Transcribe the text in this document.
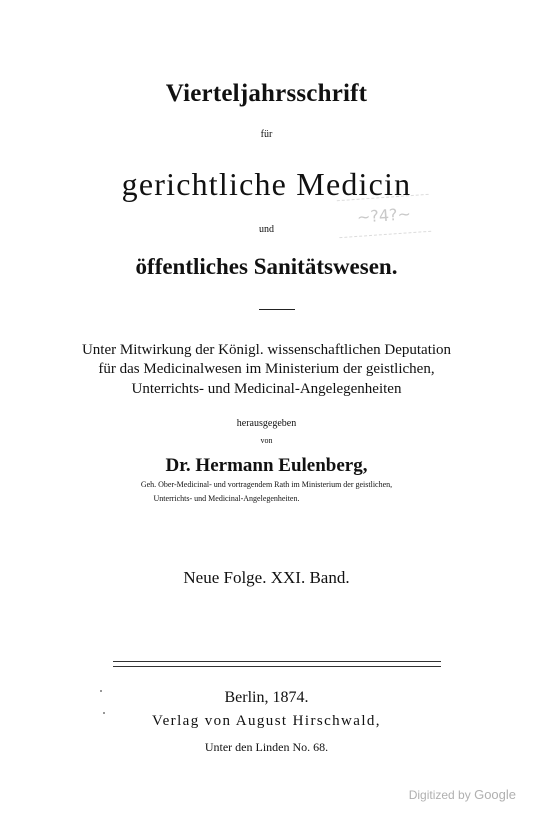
Vierteljahrsschrift
für
gerichtliche Medicin
und
öffentliches Sanitätswesen.
Unter Mitwirkung der Königl. wissenschaftlichen Deputation
für das Medicinalwesen im Ministerium der geistlichen,
Unterrichts- und Medicinal-Angelegenheiten
herausgegeben
von
Dr. Hermann Eulenberg,
Geh. Ober-Medicinal- und vortragendem Rath im Ministerium der geistlichen,
Unterrichts- und Medicinal-Angelegenheiten.
Neue Folge. XXI. Band.
Berlin, 1874.
Verlag von August Hirschwald,
Unter den Linden No. 68.
~?4?~
Digitized by Google
